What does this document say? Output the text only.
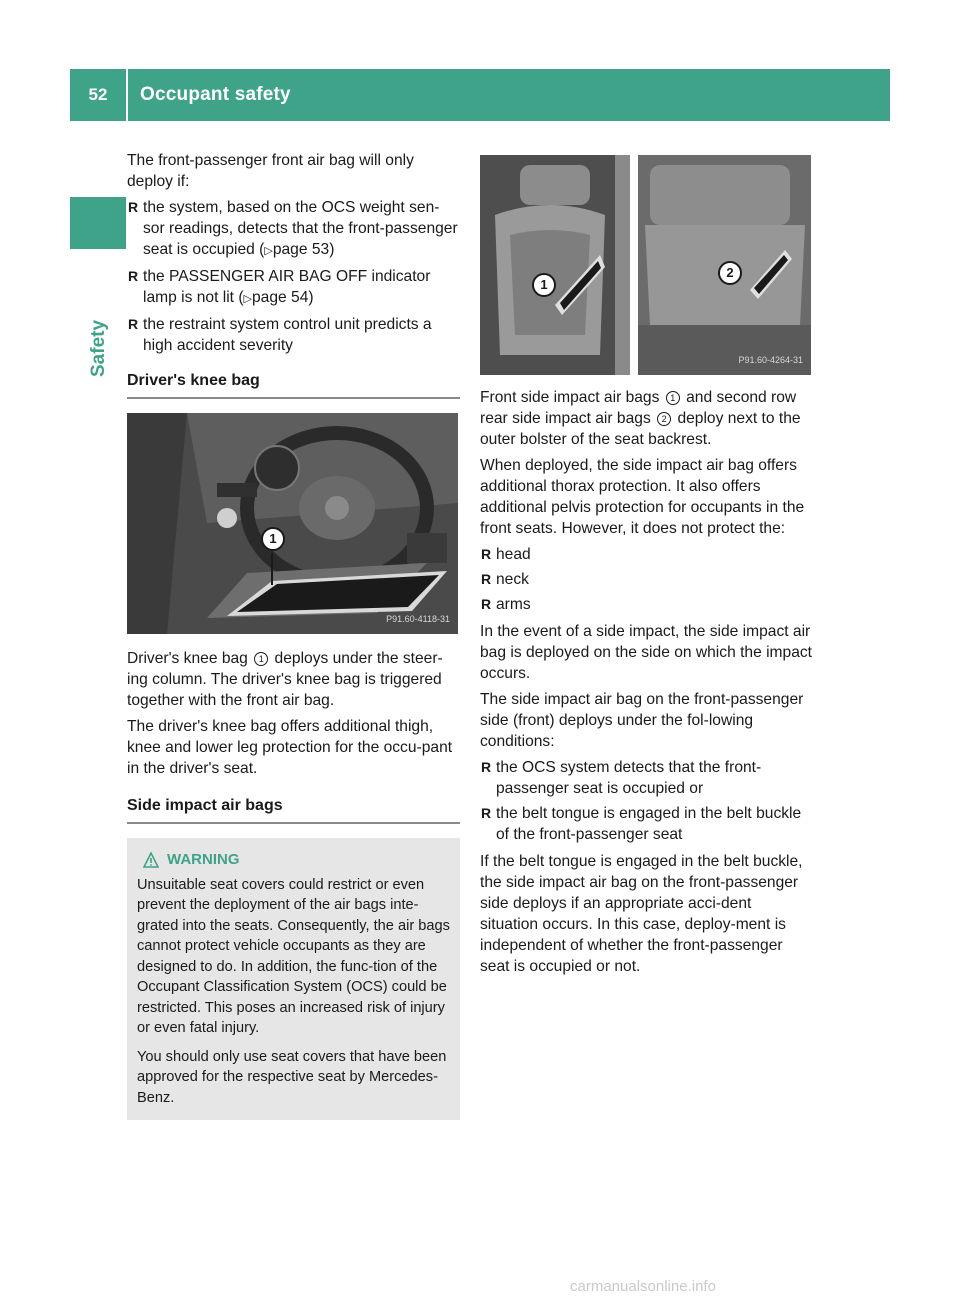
52	Occupant safety
Safety

The front-passenger front air bag will only deploy if:

R the system, based on the OCS weight sen-sor readings, detects that the front-passenger seat is occupied (▷page 53)
R the PASSENGER AIR BAG OFF indicator lamp is not lit (▷page 54)
R the restraint system control unit predicts a high accident severity
Driver's knee bag
1
P91.60-4118-31

Driver's knee bag 1 deploys under the steer-ing column. The driver's knee bag is triggered together with the front air bag.

The driver's knee bag offers additional thigh, knee and lower leg protection for the occu-pant in the driver's seat.

Side impact air bags
WARNING

Unsuitable seat covers could restrict or even prevent the deployment of the air bags inte-grated into the seats. Consequently, the air bags cannot protect vehicle occupants as they are designed to do. In addition, the func-tion of the Occupant Classification System (OCS) could be restricted. This poses an increased risk of injury or even fatal injury.

You should only use seat covers that have been approved for the respective seat by Mercedes-Benz.

1
2
P91.60-4264-31

Front side impact air bags 1 and second row rear side impact air bags 2 deploy next to the outer bolster of the seat backrest.

When deployed, the side impact air bag offers additional thorax protection. It also offers additional pelvis protection for occupants in the front seats. However, it does not protect the:

R head
R neck
R arms

In the event of a side impact, the side impact air bag is deployed on the side on which the impact occurs.

The side impact air bag on the front-passenger side (front) deploys under the fol-lowing conditions:

R the OCS system detects that the front-passenger seat is occupied or
R the belt tongue is engaged in the belt buckle of the front-passenger seat

If the belt tongue is engaged in the belt buckle, the side impact air bag on the front-passenger side deploys if an appropriate acci-dent situation occurs. In this case, deploy-ment is independent of whether the front-passenger seat is occupied or not.

carmanualsonline.info
